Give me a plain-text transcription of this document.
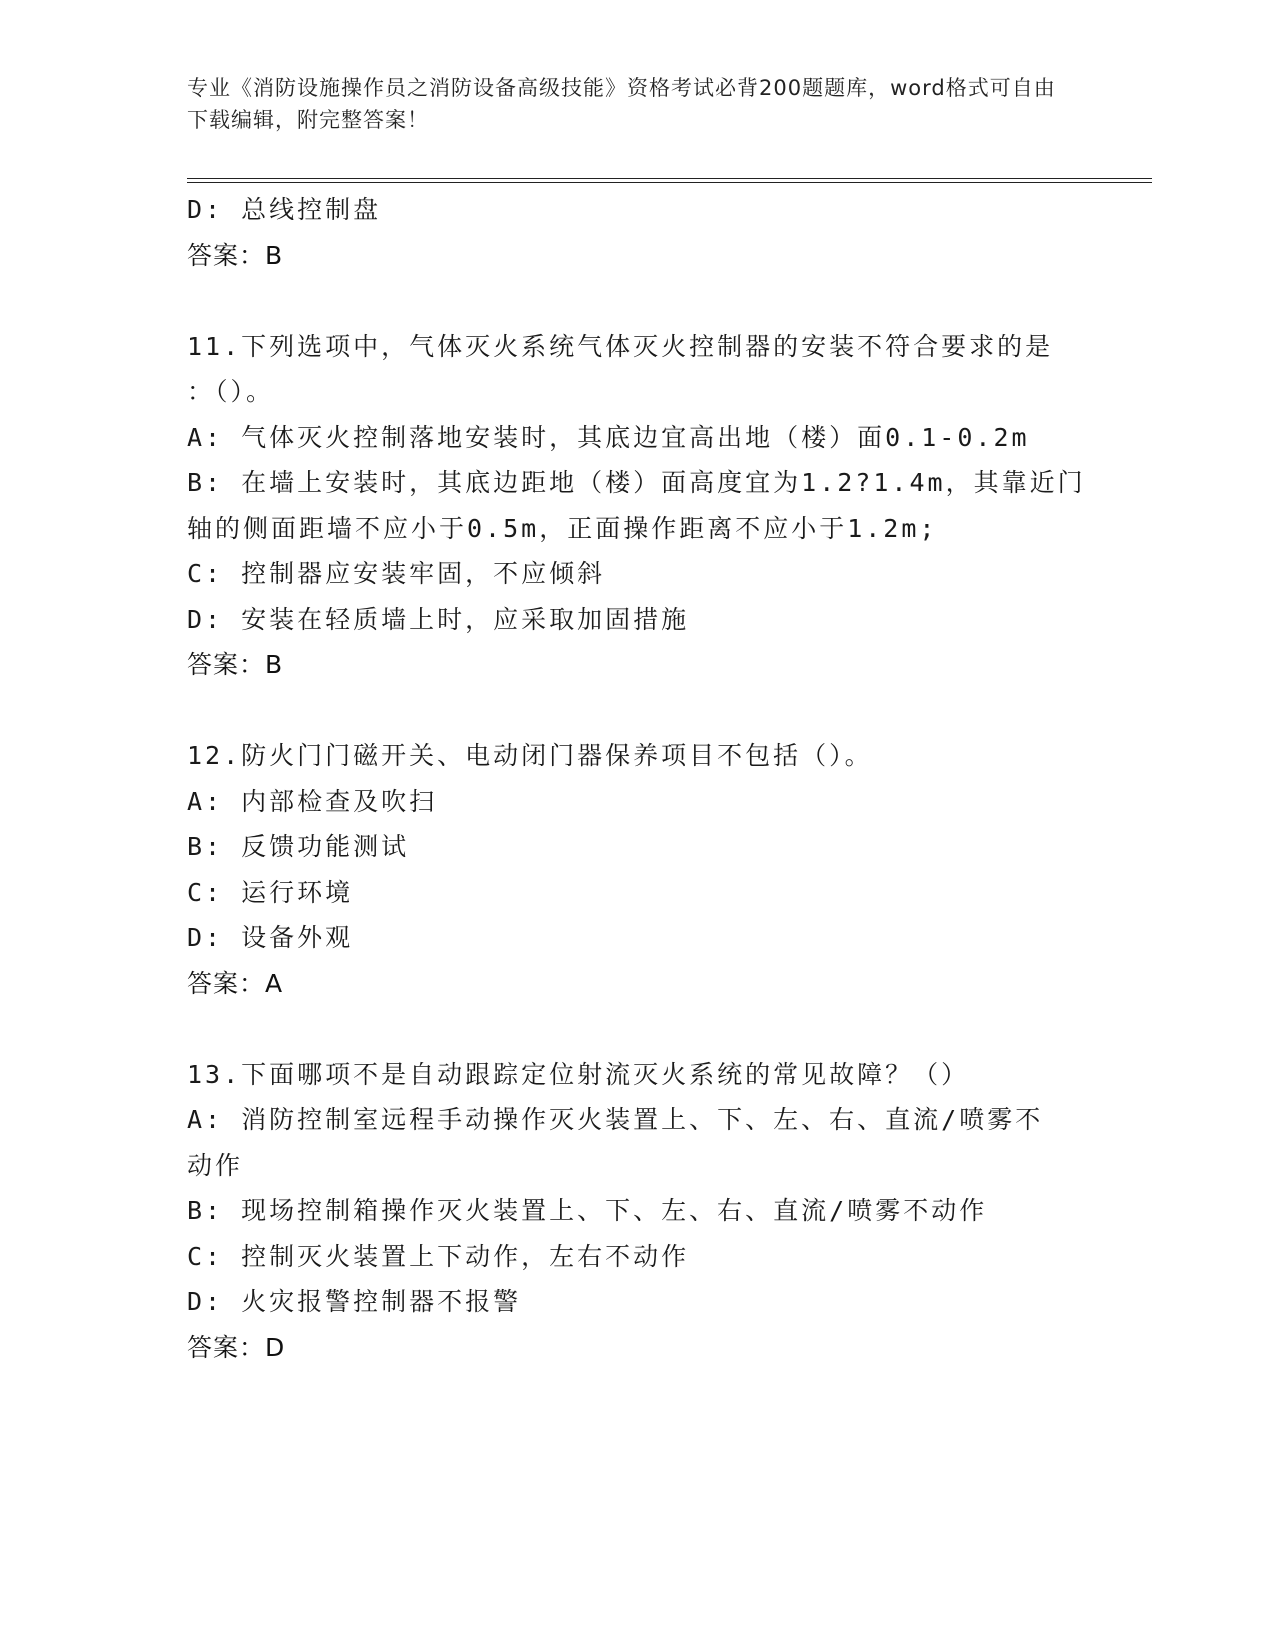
专业《消防设施操作员之消防设备高级技能》资格考试必背200题题库，word格式可自由下载编辑，附完整答案！
D: 总线控制盘
答案：B
11.下列选项中，气体灭火系统气体灭火控制器的安装不符合要求的是
：（）。
A: 气体灭火控制落地安装时，其底边宜高出地（楼）面0.1-0.2m
B: 在墙上安装时，其底边距地（楼）面高度宜为1.2?1.4m，其靠近门
轴的侧面距墙不应小于0.5m，正面操作距离不应小于1.2m;
C: 控制器应安装牢固，不应倾斜
D: 安装在轻质墙上时，应采取加固措施
答案：B
12.防火门门磁开关、电动闭门器保养项目不包括（）。
A: 内部检查及吹扫
B: 反馈功能测试
C: 运行环境
D: 设备外观
答案：A
13.下面哪项不是自动跟踪定位射流灭火系统的常见故障？（）
A: 消防控制室远程手动操作灭火装置上、下、左、右、直流/喷雾不
动作
B: 现场控制箱操作灭火装置上、下、左、右、直流/喷雾不动作
C: 控制灭火装置上下动作，左右不动作
D: 火灾报警控制器不报警
答案：D
